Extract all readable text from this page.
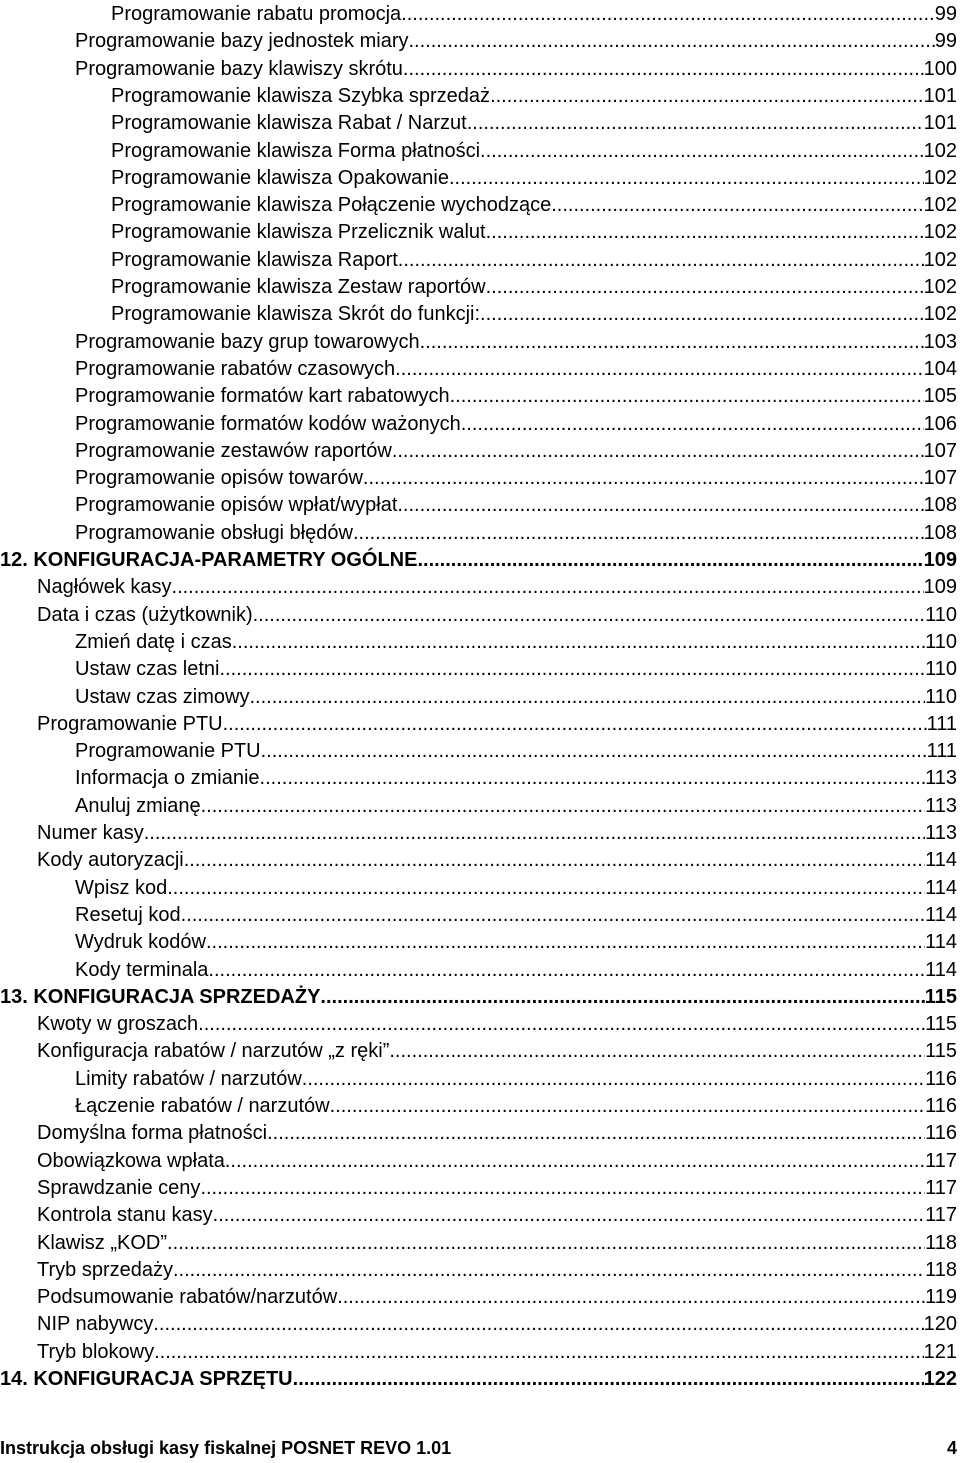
Programowanie rabatu promocja .....	99
Programowanie bazy jednostek miary .....	99
Programowanie bazy klawiszy skrótu .....	100
Programowanie klawisza Szybka sprzedaż .....	101
Programowanie klawisza Rabat / Narzut .....	101
Programowanie klawisza Forma płatności .....	102
Programowanie klawisza Opakowanie .....	102
Programowanie klawisza Połączenie wychodzące .....	102
Programowanie klawisza Przelicznik walut .....	102
Programowanie klawisza Raport .....	102
Programowanie klawisza Zestaw raportów .....	102
Programowanie klawisza Skrót do funkcji: .....	102
Programowanie bazy grup towarowych .....	103
Programowanie rabatów czasowych .....	104
Programowanie formatów kart rabatowych .....	105
Programowanie formatów kodów ważonych .....	106
Programowanie zestawów raportów .....	107
Programowanie opisów towarów .....	107
Programowanie opisów wpłat/wypłat .....	108
Programowanie obsługi błędów .....	108
12. KONFIGURACJA-PARAMETRY OGÓLNE .....	109
Nagłówek kasy .....	109
Data i czas (użytkownik) .....	110
Zmień datę i czas .....	110
Ustaw czas letni .....	110
Ustaw czas zimowy .....	110
Programowanie PTU .....	111
Programowanie PTU .....	111
Informacja o zmianie .....	113
Anuluj zmianę .....	113
Numer kasy .....	113
Kody autoryzacji .....	114
Wpisz kod .....	114
Resetuj kod .....	114
Wydruk kodów .....	114
Kody terminala .....	114
13. KONFIGURACJA SPRZEDAŻY .....	115
Kwoty w groszach .....	115
Konfiguracja rabatów / narzutów „z ręki” .....	115
Limity rabatów / narzutów .....	116
Łączenie rabatów / narzutów .....	116
Domyślna forma płatności .....	116
Obowiązkowa wpłata .....	117
Sprawdzanie ceny .....	117
Kontrola stanu kasy .....	117
Klawisz „KOD” .....	118
Tryb sprzedaży .....	118
Podsumowanie rabatów/narzutów .....	119
NIP nabywcy .....	120
Tryb blokowy .....	121
14. KONFIGURACJA SPRZĘTU .....	122
Instrukcja obsługi kasy fiskalnej POSNET REVO 1.01	4
